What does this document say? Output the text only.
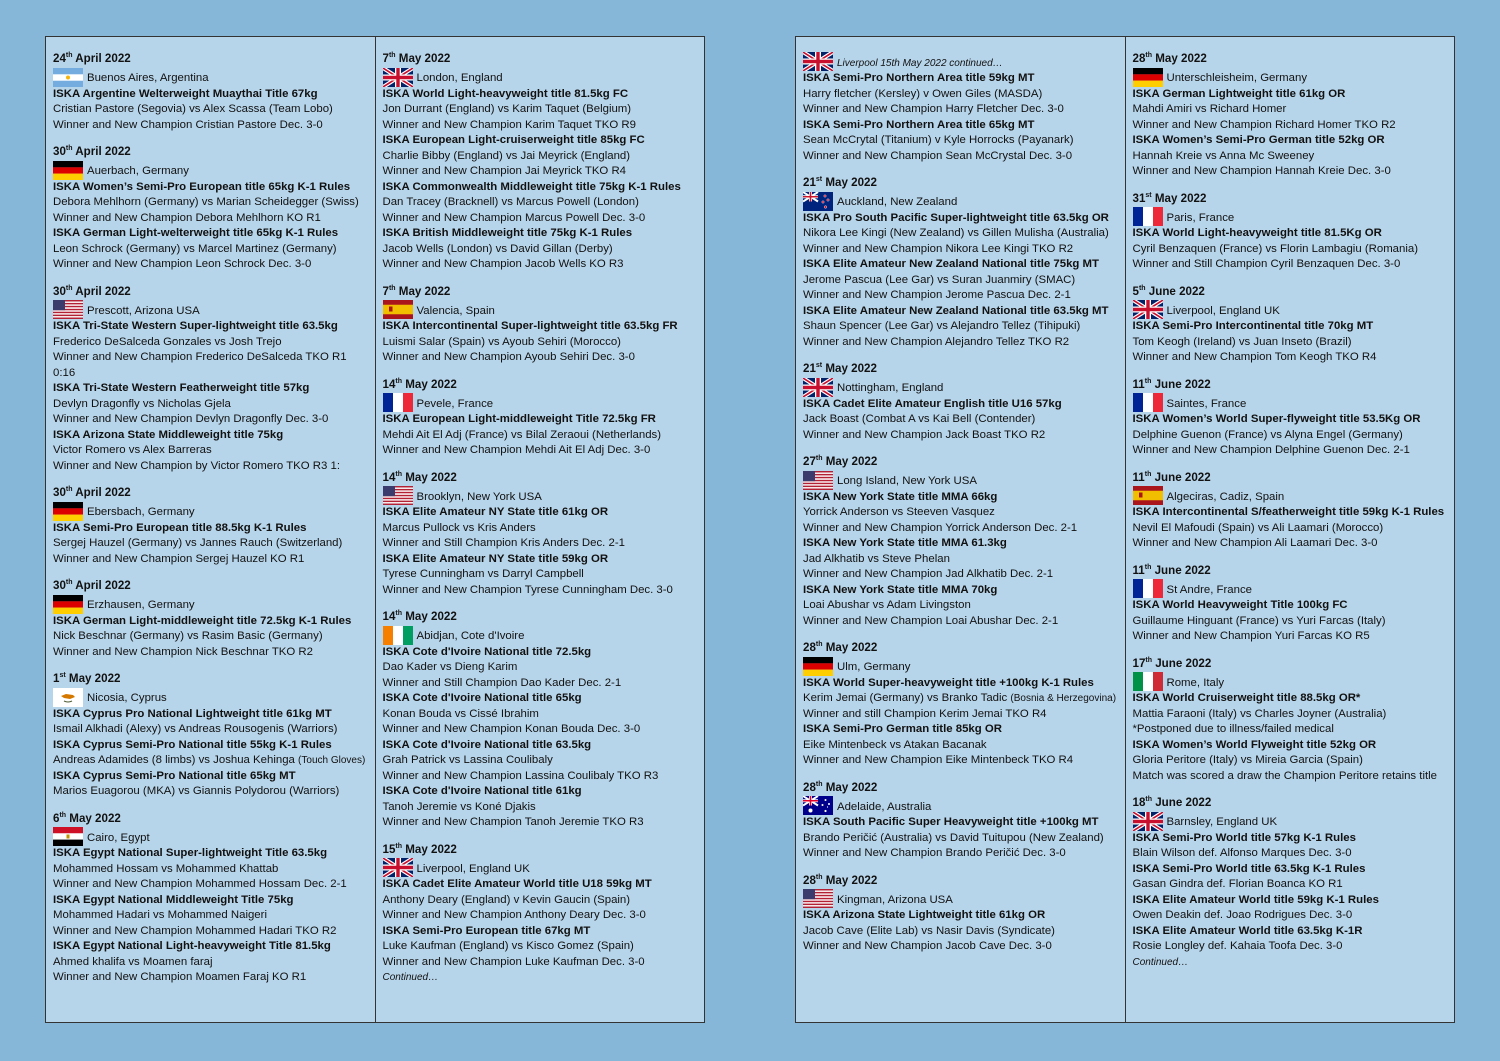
24th April 2022
Buenos Aires, Argentina
ISKA Argentine Welterweight Muaythai Title 67kg
Cristian Pastore (Segovia) vs Alex Scassa (Team Lobo)
Winner and New Champion Cristian Pastore Dec. 3-0
30th April 2022
Auerbach, Germany
ISKA Women’s Semi-Pro European title 65kg K-1 Rules
Debora Mehlhorn (Germany) vs Marian Scheidegger (Swiss)
Winner and New Champion Debora Mehlhorn KO R1
ISKA German Light-welterweight title 65kg K-1 Rules
Leon Schrock (Germany) vs Marcel Martinez (Germany)
Winner and New Champion Leon Schrock Dec. 3-0
30th April 2022
Prescott, Arizona USA
ISKA Tri-State Western Super-lightweight title 63.5kg
Frederico DeSalceda Gonzales vs Josh Trejo
Winner and New Champion Frederico DeSalceda TKO R1 0:16
ISKA Tri-State Western Featherweight title 57kg
Devlyn Dragonfly vs Nicholas Gjela
Winner and New Champion Devlyn Dragonfly Dec. 3-0
ISKA Arizona State Middleweight title 75kg
Victor Romero vs Alex Barreras
Winner and New Champion by Victor Romero TKO R3 1:
30th April 2022
Ebersbach, Germany
ISKA Semi-Pro European title 88.5kg K-1 Rules
Sergej Hauzel (Germany) vs Jannes Rauch (Switzerland)
Winner and New Champion Sergej Hauzel KO R1
30th April 2022
Erzhausen, Germany
ISKA German Light-middleweight title 72.5kg K-1 Rules
Nick Beschnar (Germany) vs Rasim Basic (Germany)
Winner and New Champion Nick Beschnar TKO R2
1st May 2022
Nicosia, Cyprus
ISKA Cyprus Pro National Lightweight title 61kg MT
Ismail Alkhadi (Alexy) vs Andreas Rousogenis (Warriors)
ISKA Cyprus Semi-Pro National title 55kg K-1 Rules
Andreas Adamides (8 limbs) vs Joshua Kehinga (Touch Gloves)
ISKA Cyprus Semi-Pro National title 65kg MT
Marios Euagorou (MKA) vs Giannis Polydorou (Warriors)
6th May 2022
Cairo, Egypt
ISKA Egypt National Super-lightweight Title 63.5kg
Mohammed Hossam vs Mohammed Khattab
Winner and New Champion Mohammed Hossam Dec. 2-1
ISKA Egypt National Middleweight Title 75kg
Mohammed Hadari vs Mohammed Naigeri
Winner and New Champion Mohammed Hadari TKO R2
ISKA Egypt National Light-heavyweight Title 81.5kg
Ahmed khalifa vs Moamen faraj
Winner and New Champion Moamen Faraj KO R1
7th May 2022
London, England
ISKA World Light-heavyweight title 81.5kg FC
Jon Durrant (England) vs Karim Taquet (Belgium)
Winner and New Champion Karim Taquet TKO R9
ISKA European Light-cruiserweight title 85kg FC
Charlie Bibby (England) vs Jai Meyrick (England)
Winner and New Champion Jai Meyrick TKO R4
ISKA Commonwealth Middleweight title 75kg K-1 Rules
Dan Tracey (Bracknell) vs Marcus Powell (London)
Winner and New Champion Marcus Powell Dec. 3-0
ISKA British Middleweight title 75kg K-1 Rules
Jacob Wells (London) vs David Gillan (Derby)
Winner and New Champion Jacob Wells KO R3
7th May 2022
Valencia, Spain
ISKA Intercontinental Super-lightweight title 63.5kg FR
Luismi Salar (Spain) vs Ayoub Sehiri (Morocco)
Winner and New Champion Ayoub Sehiri Dec. 3-0
14th May 2022
Pevele, France
ISKA European Light-middleweight Title 72.5kg FR
Mehdi Ait El Adj (France) vs Bilal Zeraoui (Netherlands)
Winner and New Champion Mehdi Ait El Adj Dec. 3-0
14th May 2022
Brooklyn, New York USA
ISKA Elite Amateur NY State title 61kg OR
Marcus Pullock vs Kris Anders
Winner and Still Champion Kris Anders Dec. 2-1
ISKA Elite Amateur NY State title 59kg OR
Tyrese Cunningham vs Darryl Campbell
Winner and New Champion Tyrese Cunningham Dec. 3-0
14th May 2022
Abidjan, Cote d'Ivoire
ISKA Cote d'Ivoire National title 72.5kg
Dao Kader vs Dieng Karim
Winner and Still Champion Dao Kader Dec. 2-1
ISKA Cote d'Ivoire National title 65kg
Konan Bouda vs Cissé Ibrahim
Winner and New Champion Konan Bouda Dec. 3-0
ISKA Cote d'Ivoire National title 63.5kg
Grah Patrick vs Lassina Coulibaly
Winner and New Champion Lassina Coulibaly TKO R3
ISKA Cote d'Ivoire National title 61kg
Tanoh Jeremie vs Koné Djakis
Winner and New Champion Tanoh Jeremie TKO R3
15th May 2022
Liverpool, England UK
ISKA Cadet Elite Amateur World title U18 59kg MT
Anthony Deary (England) v Kevin Gaucin (Spain)
Winner and New Champion Anthony Deary Dec. 3-0
ISKA Semi-Pro European title 67kg MT
Luke Kaufman (England) vs Kisco Gomez (Spain)
Winner and New Champion Luke Kaufman Dec. 3-0
Continued…
Liverpool 15th May 2022 continued…
ISKA Semi-Pro Northern Area title 59kg MT
Harry fletcher (Kersley) v Owen Giles (MASDA)
Winner and New Champion Harry Fletcher Dec. 3-0
ISKA Semi-Pro Northern Area title 65kg MT
Sean McCrytal (Titanium) v Kyle Horrocks (Payanark)
Winner and New Champion Sean McCrystal Dec. 3-0
21st May 2022
Auckland, New Zealand
ISKA Pro South Pacific Super-lightweight title 63.5kg OR
Nikora Lee Kingi (New Zealand) vs Gillen Mulisha (Australia)
Winner and New Champion Nikora Lee Kingi TKO R2
ISKA Elite Amateur New Zealand National title 75kg MT
Jerome Pascua (Lee Gar) vs Suran Juanmiry (SMAC)
Winner and New Champion Jerome Pascua Dec. 2-1
ISKA Elite Amateur New Zealand National title 63.5kg MT
Shaun Spencer (Lee Gar) vs Alejandro Tellez (Tihipuki)
Winner and New Champion Alejandro Tellez TKO R2
21st May 2022
Nottingham, England
ISKA Cadet Elite Amateur English title U16 57kg
Jack Boast (Combat A vs Kai Bell (Contender)
Winner and New Champion Jack Boast TKO R2
27th May 2022
Long Island, New York USA
ISKA New York State title MMA 66kg
Yorrick Anderson vs Steeven Vasquez
Winner and New Champion Yorrick Anderson Dec. 2-1
ISKA New York State title MMA 61.3kg
Jad Alkhatib vs Steve Phelan
Winner and New Champion Jad Alkhatib Dec. 2-1
ISKA New York State title MMA 70kg
Loai Abushar vs Adam Livingston
Winner and New Champion Loai Abushar Dec. 2-1
28th May 2022
Ulm, Germany
ISKA World Super-heavyweight title +100kg K-1 Rules
Kerim Jemai (Germany) vs Branko Tadic (Bosnia & Herzegovina)
Winner and still Champion Kerim Jemai TKO R4
ISKA Semi-Pro German title 85kg OR
Eike Mintenbeck vs Atakan Bacanak
Winner and New Champion Eike Mintenbeck TKO R4
28th May 2022
Adelaide, Australia
ISKA South Pacific Super Heavyweight title +100kg MT
Brando Peričić (Australia) vs David Tuitupou (New Zealand)
Winner and New Champion Brando Peričić Dec. 3-0
28th May 2022
Kingman, Arizona USA
ISKA Arizona State Lightweight title 61kg OR
Jacob Cave (Elite Lab) vs Nasir Davis (Syndicate)
Winner and New Champion Jacob Cave Dec. 3-0
28th May 2022
Unterschleisheim, Germany
ISKA German Lightweight title 61kg OR
Mahdi Amiri vs Richard Homer
Winner and New Champion Richard Homer TKO R2
ISKA Women’s Semi-Pro German title 52kg OR
Hannah Kreie vs Anna Mc Sweeney
Winner and New Champion Hannah Kreie Dec. 3-0
31st May 2022
Paris, France
ISKA World Light-heavyweight title 81.5Kg OR
Cyril Benzaquen (France) vs Florin Lambagiu (Romania)
Winner and Still Champion Cyril Benzaquen Dec. 3-0
5th June 2022
Liverpool, England UK
ISKA Semi-Pro Intercontinental title 70kg MT
Tom Keogh (Ireland) vs Juan Inseto (Brazil)
Winner and New Champion Tom Keogh TKO R4
11th June 2022
Saintes, France
ISKA Women’s World Super-flyweight title 53.5Kg OR
Delphine Guenon (France) vs Alyna Engel (Germany)
Winner and New Champion Delphine Guenon Dec. 2-1
11th June 2022
Algeciras, Cadiz, Spain
ISKA Intercontinental S/featherweight title 59kg K-1 Rules
Nevil El Mafoudi (Spain) vs Ali Laamari (Morocco)
Winner and New Champion Ali Laamari Dec. 3-0
11th June 2022
St Andre, France
ISKA World Heavyweight Title 100kg FC
Guillaume Hinguant (France) vs Yuri Farcas (Italy)
Winner and New Champion Yuri Farcas KO R5
17th June 2022
Rome, Italy
ISKA World Cruiserweight title 88.5kg OR*
Mattia Faraoni (Italy) vs Charles Joyner (Australia)
*Postponed due to illness/failed medical
ISKA Women’s World Flyweight title 52kg OR
Gloria Peritore (Italy) vs Mireia Garcia (Spain)
Match was scored a draw the Champion Peritore retains title
18th June 2022
Barnsley, England UK
ISKA Semi-Pro World title 57kg K-1 Rules
Blain Wilson def. Alfonso Marques Dec. 3-0
ISKA Semi-Pro World title 63.5kg K-1 Rules
Gasan Gindra def. Florian Boanca KO R1
ISKA Elite Amateur World title 59kg K-1 Rules
Owen Deakin def. Joao Rodrigues Dec. 3-0
ISKA Elite Amateur World title 63.5kg K-1R
Rosie Longley def. Kahaia Toofa Dec. 3-0
Continued…
